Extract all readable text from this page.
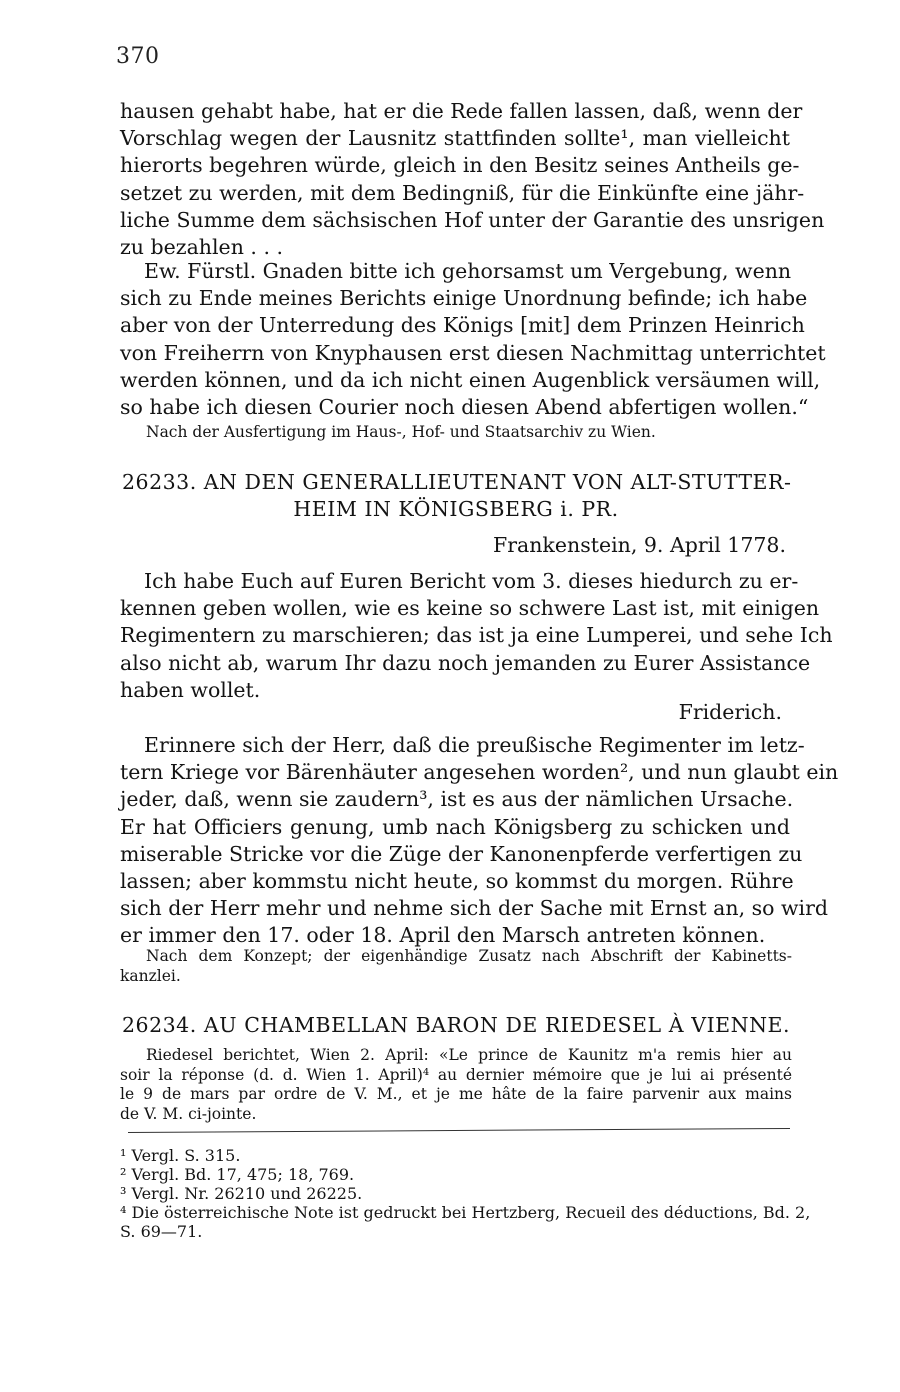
370
hausen gehabt habe, hat er die Rede fallen lassen, daß, wenn der
Vorschlag wegen der Lausnitz stattfinden sollte¹, man vielleicht
hierorts begehren würde, gleich in den Besitz seines Antheils ge-
setzet zu werden, mit dem Bedingniß, für die Einkünfte eine jähr-
liche Summe dem sächsischen Hof unter der Garantie des unsrigen
zu bezahlen . . .
Ew. Fürstl. Gnaden bitte ich gehorsamst um Vergebung, wenn
sich zu Ende meines Berichts einige Unordnung befinde; ich habe
aber von der Unterredung des Königs [mit] dem Prinzen Heinrich
von Freiherrn von Knyphausen erst diesen Nachmittag unterrichtet
werden können, und da ich nicht einen Augenblick versäumen will,
so habe ich diesen Courier noch diesen Abend abfertigen wollen.“
Nach der Ausfertigung im Haus-, Hof- und Staatsarchiv zu Wien.
26233. AN DEN GENERALLIEUTENANT VON ALT-STUTTER-
HEIM IN KÖNIGSBERG i. PR.
Frankenstein, 9. April 1778.
Ich habe Euch auf Euren Bericht vom 3. dieses hiedurch zu er-
kennen geben wollen, wie es keine so schwere Last ist, mit einigen
Regimentern zu marschieren; das ist ja eine Lumperei, und sehe Ich
also nicht ab, warum Ihr dazu noch jemanden zu Eurer Assistance
haben wollet.
Friderich.
Erinnere sich der Herr, daß die preußische Regimenter im letz-
tern Kriege vor Bärenhäuter angesehen worden², und nun glaubt ein
jeder, daß, wenn sie zaudern³, ist es aus der nämlichen Ursache.
Er hat Officiers genung, umb nach Königsberg zu schicken und
miserable Stricke vor die Züge der Kanonenpferde verfertigen zu
lassen; aber kommstu nicht heute, so kommst du morgen. Rühre
sich der Herr mehr und nehme sich der Sache mit Ernst an, so wird
er immer den 17. oder 18. April den Marsch antreten können.
Nach dem Konzept; der eigenhändige Zusatz nach Abschrift der Kabinetts-
kanzlei.
26234. AU CHAMBELLAN BARON DE RIEDESEL À VIENNE.
Riedesel berichtet, Wien 2. April: «Le prince de Kaunitz m'a remis hier au
soir la réponse (d. d. Wien 1. April)⁴ au dernier mémoire que je lui ai présenté
le 9 de mars par ordre de V. M., et je me hâte de la faire parvenir aux mains
de V. M. ci-jointe.
¹ Vergl. S. 315.
² Vergl. Bd. 17, 475; 18, 769.
³ Vergl. Nr. 26210 und 26225.
⁴ Die österreichische Note ist gedruckt bei Hertzberg, Recueil des déductions, Bd. 2,
S. 69—71.
